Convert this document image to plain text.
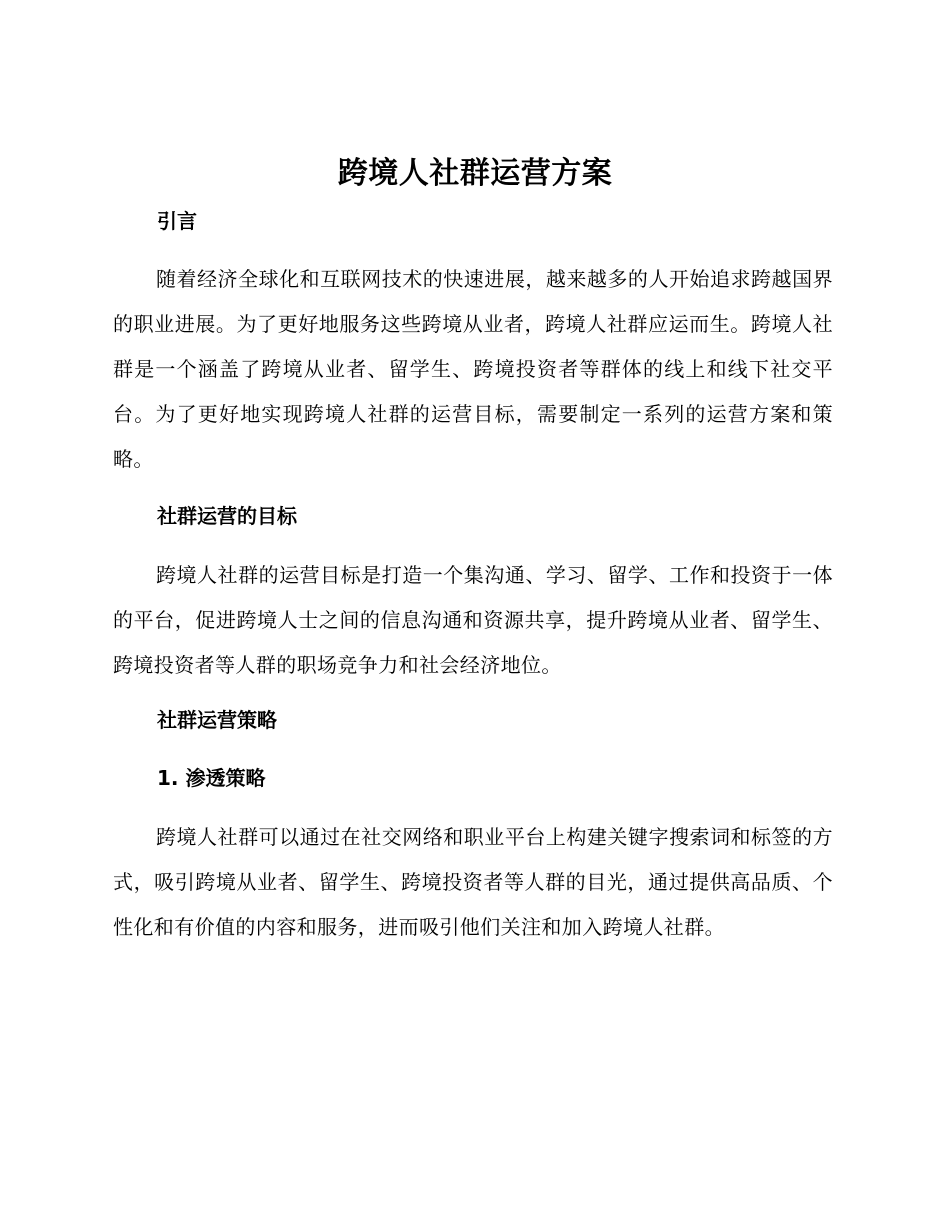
跨境人社群运营方案
引言
随着经济全球化和互联网技术的快速进展，越来越多的人开始追求跨越国界的职业进展。为了更好地服务这些跨境从业者，跨境人社群应运而生。跨境人社群是一个涵盖了跨境从业者、留学生、跨境投资者等群体的线上和线下社交平台。为了更好地实现跨境人社群的运营目标，需要制定一系列的运营方案和策略。
社群运营的目标
跨境人社群的运营目标是打造一个集沟通、学习、留学、工作和投资于一体的平台，促进跨境人士之间的信息沟通和资源共享，提升跨境从业者、留学生、跨境投资者等人群的职场竞争力和社会经济地位。
社群运营策略
1. 渗透策略
跨境人社群可以通过在社交网络和职业平台上构建关键字搜索词和标签的方式，吸引跨境从业者、留学生、跨境投资者等人群的目光，通过提供高品质、个性化和有价值的内容和服务，进而吸引他们关注和加入跨境人社群。
